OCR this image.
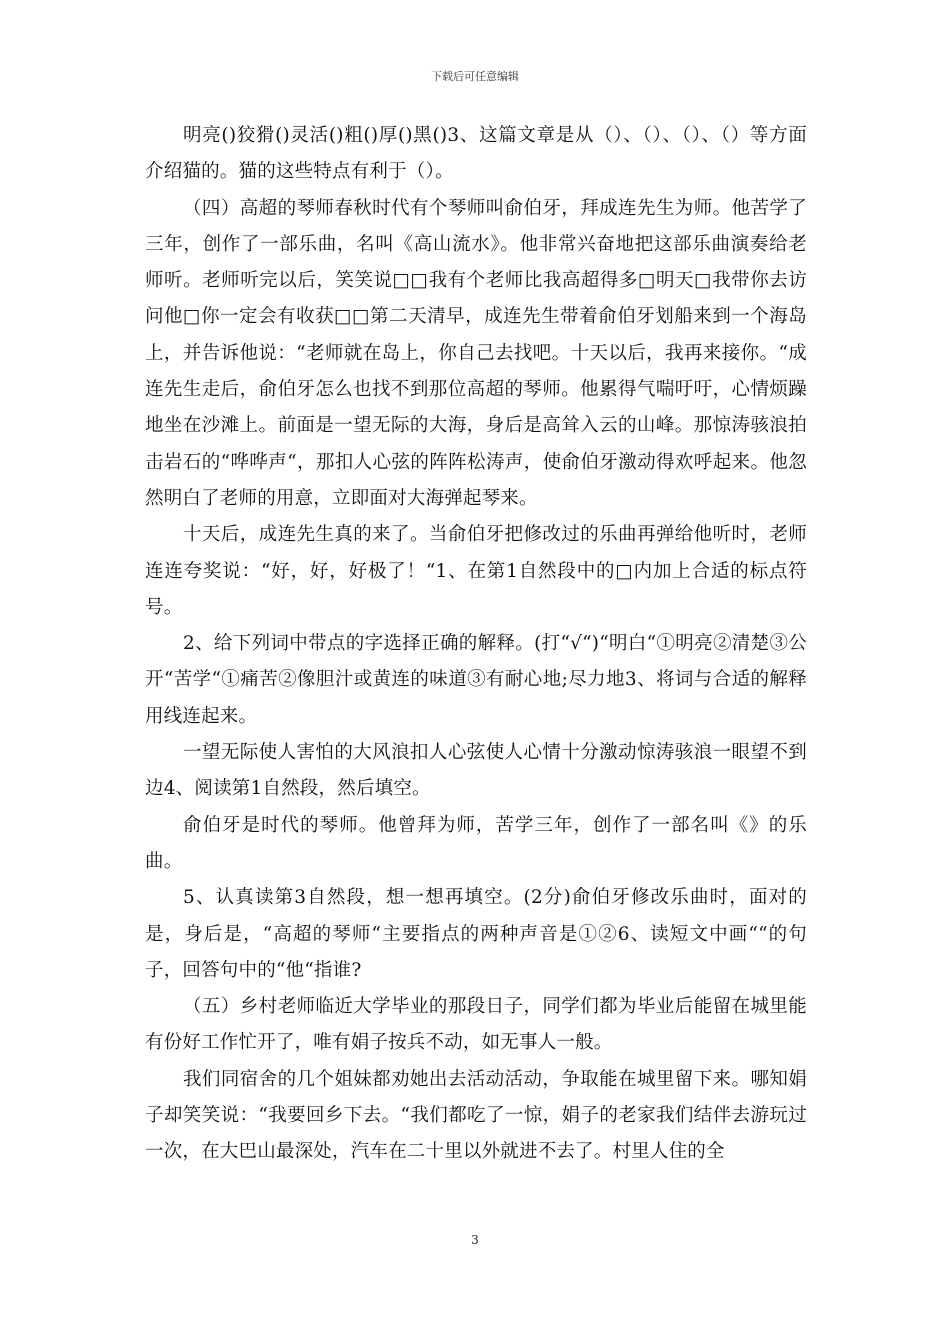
下载后可任意编辑

明亮()狡猾()灵活()粗()厚()黑()3、这篇文章是从（）、（）、（）、（）等方面介绍猫的。猫的这些特点有利于（）。

（四）高超的琴师春秋时代有个琴师叫俞伯牙，拜成连先生为师。他苦学了三年，创作了一部乐曲，名叫《高山流水》。他非常兴奋地把这部乐曲演奏给老师听。老师听完以后，笑笑说□□我有个老师比我高超得多□明天□我带你去访问他□你一定会有收获□□第二天清早，成连先生带着俞伯牙划船来到一个海岛上，并告诉他说：“老师就在岛上，你自己去找吧。十天以后，我再来接你。“成连先生走后，俞伯牙怎么也找不到那位高超的琴师。他累得气喘吁吁，心情烦躁地坐在沙滩上。前面是一望无际的大海，身后是高耸入云的山峰。那惊涛骇浪拍击岩石的“哗哗声“，那扣人心弦的阵阵松涛声，使俞伯牙激动得欢呼起来。他忽然明白了老师的用意，立即面对大海弹起琴来。

十天后，成连先生真的来了。当俞伯牙把修改过的乐曲再弹给他听时，老师连连夸奖说：“好，好，好极了！“1、在第1自然段中的□内加上合适的标点符号。

2、给下列词中带点的字选择正确的解释。(打“√“)“明白“①明亮②清楚③公开“苦学“①痛苦②像胆汁或黄连的味道③有耐心地;尽力地3、将词与合适的解释用线连起来。

一望无际使人害怕的大风浪扣人心弦使人心情十分激动惊涛骇浪一眼望不到边4、阅读第1自然段，然后填空。

俞伯牙是时代的琴师。他曾拜为师，苦学三年，创作了一部名叫《》的乐曲。

5、认真读第3自然段，想一想再填空。(2分)俞伯牙修改乐曲时，面对的是，身后是，“高超的琴师“主要指点的两种声音是①②6、读短文中画““的句子，回答句中的“他“指谁?

（五）乡村老师临近大学毕业的那段日子，同学们都为毕业后能留在城里能有份好工作忙开了，唯有娟子按兵不动，如无事人一般。

我们同宿舍的几个姐妹都劝她出去活动活动，争取能在城里留下来。哪知娟子却笑笑说：“我要回乡下去。“我们都吃了一惊，娟子的老家我们结伴去游玩过一次，在大巴山最深处，汽车在二十里以外就进不去了。村里人住的全

3
